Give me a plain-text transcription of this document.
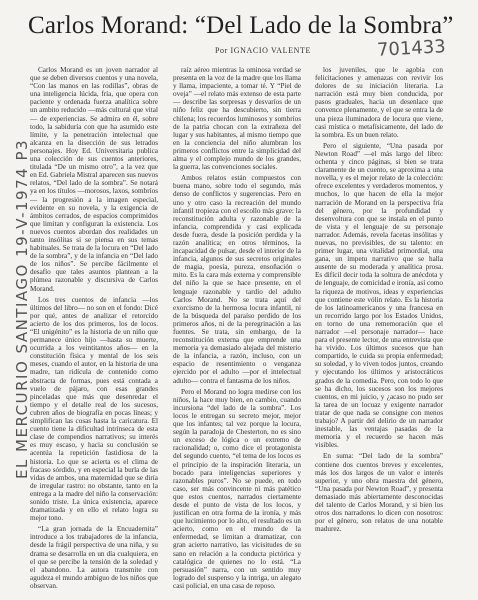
Carlos Morand: “Del Lado de la Sombra”
Por IGNACIO VALENTE	701433
EL MERCURIO SANTIAGO 19-V-1974 P3

Carlos Morand es un joven narrador al que se deben diversos cuentos y una novela, “Con las manos en las rodillas”, obras de una inteligencia lúcida, fría, que opera con paciente y ordenada fuerza analítica sobre un ambito reducido —más cultural que vital— de experiencias. Se admira en él, sobre todo, la sabiduría con que ha asumido este límite, y la penetración intelectual que alcanza en la disección de sus letrados personajes. Hoy Ed. Universitaria publica una colección de sus cuentos anteriores, titulada “De un mismo otro”, a la vez que en Ed. Gabriela Mistral aparecen sus nuevos relatos, “Del lado de la sombra”. Se notará ya en los títulos —morosos, laxos, sombríos— la progresión a la imagen especial, evidente en su novela, y la exigencia de ámbitos cerrados, de espacios comprimidos que limitan y configuran la existencia. Los nuevos cuentos abordan dos realidades un tanto insólitas si se piensa en sus temas habituales. Se trata de la locura en “Del lado de la sombra”, y de la infancia en “Del lado de los niños”. Se percibe fácilmente el desafío que tales asuntos plantean a la plúmea razonable y discursiva de Carlos Morand.

Los tres cuentos de infancia —los últimos del libro— no son en el fondo: Dicé por qué, antes de analizar el retorcido acierto de los dos primeros, los de locos. “El unigénito” es la historia de un niño que permanece único hijo —hasta su muerte, ocurrida a los veintitantos años— en la constitución física y mental de los seis meses, cuando el autor, en la historia de una madre, tan ridícula de contenido como abstracta de formas, pues está contada a vuelo de pájaro, con esas grandes pinceladas que más que desenredar el tiempo y el detalle real de los sucesos, cubren años de biografía en pocas líneas; y simplifican las cosas hasta la caricatura. El cuento tiene la dificultad intrínseca de esta clase de compendios narrativos; su interés es muy escaso, y hacia su conclusión se acentúa la repetición fastidiosa de la historia. Lo que se acierta es el clima de fracaso sórdido, y en especial la burla de las vidas de ambos, una maternidad que se diría de irregular rastro: no obstante, tanto en la entrega a la madre del niño la conservación: sonido triste. La única existencia, aparece dramatizada y en ello el relato logra su mejor tono.

“La gran jornada de la Encuadernita” introduce a los trabajadores de la infancia, desde la frágil perspectiva de una niña, y su drama se desarrolla en un día cualquiera, en el que se percibe la tensión de la soledad y el abandono. La autora transmite con agudeza el mundo ambiguo de los niños que observan.

raíz aéreo mientras la ominosa verdad se presenta en la voz de la madre que los llama y llama, impaciente, a tomar té. Y “Piel de oveja” —el relato más extenso de esta parte— describe las sorpresas y desvaríos de un niño feliz que ha descubierto, sin tierra chilena; los recuerdos luminosos y sombríos de la patria chocan con la extrañeza del lugar y sus habitantes, al mismo tiempo que en la conciencia del niño alumbran los primeros conflictos entre la simplicidad del alma y el complejo mundo de los grandes, la guerra, las convenciones sociales.

Ambos relatos están compuestos con buena mano, sobre todo el segundo, más denso de conflictos y sugerencias. Pero en uno y otro caso la recreación del mundo infantil tropieza con el escollo más grave: la reconstitución adulta y razonable de la infancia, comprendida y casi explicada desde fuera, desde la posición perdida y la razón analítica; en otros términos, la incapacidad de pulsar, desde el interior de la infancia, algunos de sus secretos originales de magia, poesía, pureza, ensoñación o mito. Es la cara más externa y comprensible del niño la que se hace presente, en el lenguaje razonable y tardío del adulto Carlos Morand. No se trata aquí del exorcismo de la hermosa locura infantil, ni de la búsqueda del paraíso perdido de los primeros años, ni de la peregrinación a las fuentes. Se trata, sin embargo, de la reconstitución externa que emprende una memoria ya demasiado alejada del misterio de la infancia, a razón, incluso, con un espacio de resentimiento o venganza ejercido por el adulto —por el intelectual adulto— contra el fantasma de los niños.

Pero el Morand no logra medirse con los niños, la hace muy bien, en cambio, cuando incursiona “del lado de la sombra”. Los locos le entregan su secreto mejor, mejor que los infantes; tal vez porque la locura, según la paradoja de Chesterton, no es sino un exceso de lógica o un extremo de racionalidad; o, como dice el protagonista del segundo cuento, “el tema de los locos es el principio de la inspiración literaria, un bocado para inteligencias superiores y razonables puros”. No se puede, en todo caso, ser más convincente ni más patético que estos cuentos, narrados ciertamente desde el punto de vista de los locos, y justifican en otra forma de la ironía, y más que lucimiento por lo alto, el resultado es un acierto, como en el mundo de la enfermedad, se limitan a dramatizar, con gran acierto narrativo, las vicisitudes de su sano en relación a la conducta pictórica y catalógica de quienes no lo está. “La persuasión” narra, con un sentido muy logrado del suspenso y la intriga, un alegato casi policial, en una casa de reposo.

los juveniles, que le agobia con felicitaciones y amenazas con revivir los dolores de su iniciación literaria. La narración está muy bien conducida, por pasos graduales, hacia un desenlace que convence plenamente, y el que se entra la de una pieza iluminadora de locura que viene, casi mística o metafísicamente, del lado de la sombra. Es un buen relato.

Pero el siguiente, “Una pasada por Newton Road” —el más largo del libro: ochenta y cinco páginas, si bien se trata claramente de un cuento, se aproxima a una novella, y es el mejor relato de la colección: ofrece excelentes y verdaderos momentos, y muchos, lo que hacen de ella la mejor narración de Morand en la perspectiva fría del género, por la profundidad y desenvoltura con que se instala en el punto de vista y el lenguaje de su personaje narrador. Además, revela facetas insólitas y nuevas, no previsibles, de su talento: en primer lugar, una vitalidad primordial, una gana, un ímpetu narrativo que se halla ausente de su moderada y analítica prosa. Es difícil decir toda la soltura de anécdota y de lenguaje, de comicidad e ironía, así como la riqueza de motivos, ideas y experiencias que contiene este vólin relato. Es la historia de los latinoamericanos y una francesa en un recorrido largo por los Estados Unidos, en torno de una rememoración que el narrador —el personaje narrador— hace para el presente lector, de una entrevista que ha vivido. Los últimos sucesos que han compartido, le cuida su propia enfermedad; su soledad, y lo viven todos juntos, creando y ejecutando los últimos y aristocráticos grados de la comedia. Pero, con todo lo que se ha dicho, los sucesos son los mejores cuentos, en mi juicio, y ¿acaso no pudo ser la tarea de un locuaz y exigente narrador tratar de que nada se consigne con menos trabajo? A partir del delirio de un narrador inestable, las ventajas pasadas de la memoria y el recuerdo se hacen más visibles.

En suma: “Del lado de la sombra” contiene dos cuentos breves y excelentes, más los dos largos de un valor e interés superior, y uno obra maestra del género, “Una pasada por Newton Road”, y presenta demasiado más abiertamente desconocidas del talento de Carlos Morand, y si bien los otros dos narradores lo dicen con nosotros: por el género, son relatos de una notable madurez.
